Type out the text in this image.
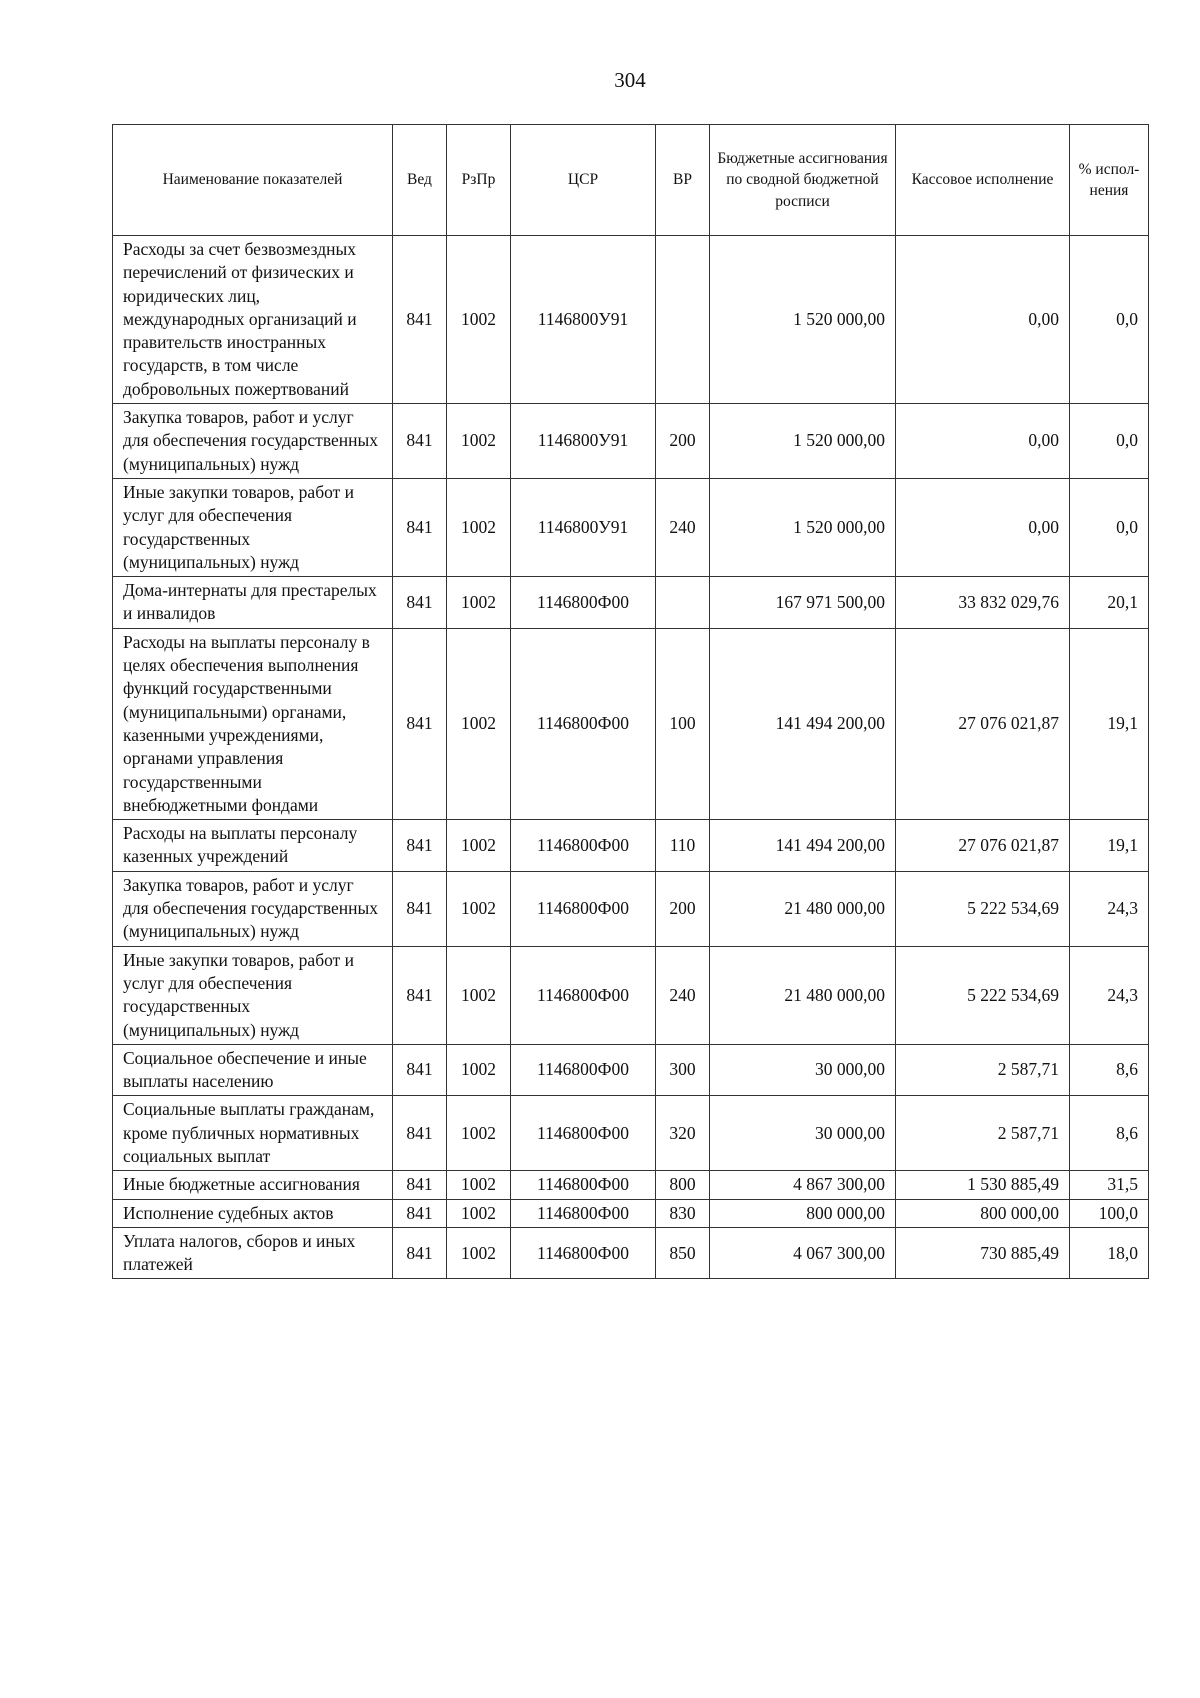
304
Наименование показателей	Вед	РзПр	ЦСР	ВР	Бюджетные ассигнования по сводной бюджетной росписи	Кассовое исполнение	% испол-нения
Расходы за счет безвозмездных перечислений от физических и юридических лиц, международных организаций и правительств иностранных государств, в том числе добровольных пожертвований	841	1002	1146800У91		1 520 000,00	0,00	0,0
Закупка товаров, работ и услуг для обеспечения государственных (муниципальных) нужд	841	1002	1146800У91	200	1 520 000,00	0,00	0,0
Иные закупки товаров, работ и услуг для обеспечения государственных (муниципальных) нужд	841	1002	1146800У91	240	1 520 000,00	0,00	0,0
Дома-интернаты для престарелых и инвалидов	841	1002	1146800Ф00		167 971 500,00	33 832 029,76	20,1
Расходы на выплаты персоналу в целях обеспечения выполнения функций государственными (муниципальными) органами, казенными учреждениями, органами управления государственными внебюджетными фондами	841	1002	1146800Ф00	100	141 494 200,00	27 076 021,87	19,1
Расходы на выплаты персоналу казенных учреждений	841	1002	1146800Ф00	110	141 494 200,00	27 076 021,87	19,1
Закупка товаров, работ и услуг для обеспечения государственных (муниципальных) нужд	841	1002	1146800Ф00	200	21 480 000,00	5 222 534,69	24,3
Иные закупки товаров, работ и услуг для обеспечения государственных (муниципальных) нужд	841	1002	1146800Ф00	240	21 480 000,00	5 222 534,69	24,3
Социальное обеспечение и иные выплаты населению	841	1002	1146800Ф00	300	30 000,00	2 587,71	8,6
Социальные выплаты гражданам, кроме публичных нормативных социальных выплат	841	1002	1146800Ф00	320	30 000,00	2 587,71	8,6
Иные бюджетные ассигнования	841	1002	1146800Ф00	800	4 867 300,00	1 530 885,49	31,5
Исполнение судебных актов	841	1002	1146800Ф00	830	800 000,00	800 000,00	100,0
Уплата налогов, сборов и иных платежей	841	1002	1146800Ф00	850	4 067 300,00	730 885,49	18,0
